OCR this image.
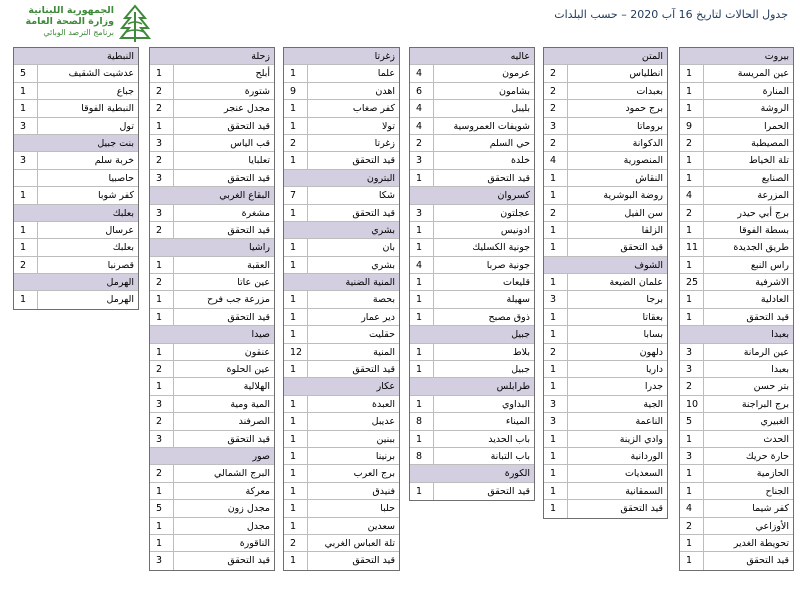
جدول الحالات لتاريخ 16 آب 2020 – حسب البلدات
الجمهورية اللبنانية
وزارة الصحة العامة
برنامج الترصد الوبائي
بيروت
عين المريسة
1
المنارة
1
الروشة
1
الحمرا
9
المصيطبة
2
تلة الخياط
1
الصنايع
1
المزرعة
4
برج أبي حيدر
2
بسطة الفوقا
1
طريق الجديدة
11
راس النبع
1
الاشرفية
25
العادلية
1
قيد التحقق
1
بعبدا
عين الرمانة
3
بعبدا
3
بتر حسن
2
برج البراجنة
10
الغبيري
5
الحدث
1
حارة حريك
3
الحازمية
1
الجناح
1
كفر شيما
4
الأوزاعي
2
تحويطة الغدير
1
قيد التحقق
1
المتن
انطلياس
2
بعبدات
2
برج حمود
2
بروماتا
3
الدكوانة
2
المنصورية
4
النقاش
1
روضة البوشرية
1
سن الفيل
2
الزلقا
1
قيد التحقق
1
الشوف
علمان الضيعة
1
برجا
3
بعقاتا
1
بسابا
1
دلهون
2
داريا
1
جدرا
1
الجية
3
الناعمة
3
وادي الزينة
1
الوردانية
1
السعديات
1
السمقانية
1
قيد التحقق
1
عاليه
عرمون
4
بشامون
6
بليبل
4
شويفات العمروسية
4
حي السلم
2
خلدة
3
قيد التحقق
1
كسروان
عجلتون
3
ادونيس
1
جونية الكسليك
1
جونية صربا
4
قليعات
1
سهيلة
1
ذوق مصبح
1
جبيل
بلاط
1
جبيل
1
طرابلس
البداوي
1
الميناء
8
باب الحديد
1
باب التبانة
8
الكورة
قيد التحقق
1
زغرتا
علما
1
اهدن
9
كفر صغاب
1
تولا
1
زغرتا
2
قيد التحقق
1
البترون
شكا
7
قيد التحقق
1
بشري
بان
1
بشري
1
المنية الضنية
بحصة
1
دير عمار
1
حقليت
1
المنية
12
قيد التحقق
1
عكار
العبدة
1
عديبل
1
ببنين
1
برنينا
1
برج العرب
1
فنيدق
1
حلبا
1
سعدين
1
تلة العباس الغربي
2
قيد التحقق
1
زحلة
أبلح
1
شتورة
2
مجدل عنجر
2
قيد التحقق
1
قب الياس
3
تعلبايا
2
قيد التحقق
3
البقاع الغربي
مشغرة
3
قيد التحقق
2
راشيا
العقبة
1
عين عاتا
2
مزرعة جب فرح
1
قيد التحقق
1
صيدا
عنقون
1
عين الحلوة
2
الهلالية
1
المية ومية
3
الصرفند
2
قيد التحقق
3
صور
البرج الشمالي
2
معركة
1
مجدل زون
5
مجدل
1
الناقورة
1
قيد التحقق
3
النبطية
عدشيت الشقيف
5
جباع
1
النبطية الفوقا
1
تول
3
بنت جبيل
خربة سلم
3
حاصبيا
كفر شوبا
1
بعلبك
عرسال
1
بعلبك
1
قصرنبا
2
الهرمل
الهرمل
1
